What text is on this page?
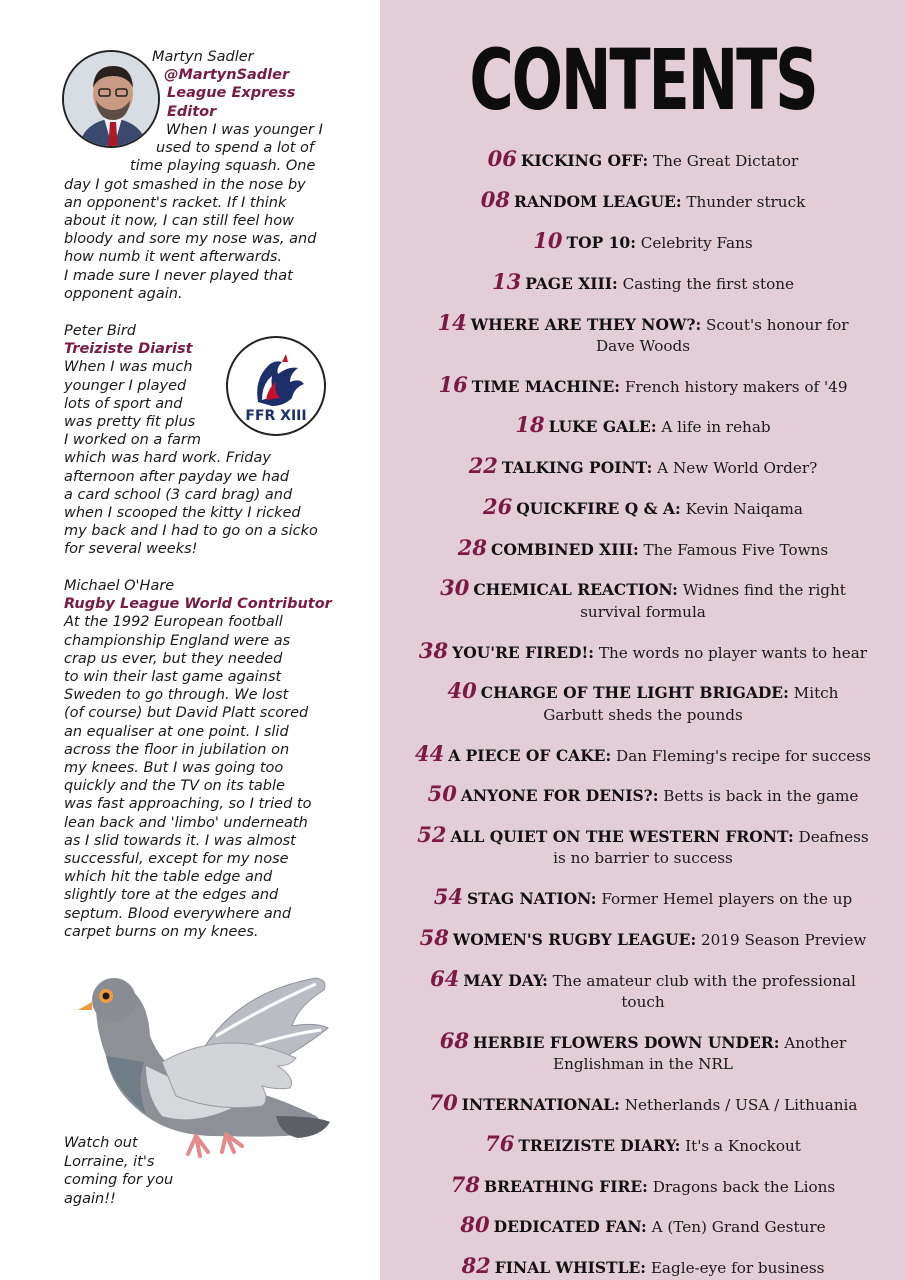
Martyn Sadler
@MartynSadler
League Express
Editor
When I was younger I
used to spend a lot of
time playing squash. One
day I got smashed in the nose by
an opponent's racket. If I think
about it now, I can still feel how
bloody and sore my nose was, and
how numb it went afterwards.
I made sure I never played that
opponent again.
FFR XIII
Peter Bird
Treiziste Diarist
When I was much
younger I played
lots of sport and
was pretty fit plus
I worked on a farm
which was hard work. Friday
afternoon after payday we had
a card school (3 card brag) and
when I scooped the kitty I ricked
my back and I had to go on a sicko
for several weeks!
Michael O'Hare
Rugby League World Contributor
At the 1992 European football
championship England were as
crap us ever, but they needed
to win their last game against
Sweden to go through. We lost
(of course) but David Platt scored
an equaliser at one point. I slid
across the floor in jubilation on
my knees. But I was going too
quickly and the TV on its table
was fast approaching, so I tried to
lean back and 'limbo' underneath
as I slid towards it. I was almost
successful, except for my nose
which hit the table edge and
slightly tore at the edges and
septum. Blood everywhere and
carpet burns on my knees.
Watch out
Lorraine, it's
coming for you
again!!
CONTENTS
06 KICKING OFF: The Great Dictator
08 RANDOM LEAGUE: Thunder struck
10 TOP 10: Celebrity Fans
13 PAGE XIII: Casting the first stone
14 WHERE ARE THEY NOW?: Scout's honour for
Dave Woods
16 TIME MACHINE: French history makers of '49
18 LUKE GALE: A life in rehab
22 TALKING POINT: A New World Order?
26 QUICKFIRE Q & A: Kevin Naiqama
28 COMBINED XIII: The Famous Five Towns
30 CHEMICAL REACTION: Widnes find the right
survival formula
38 YOU'RE FIRED!: The words no player wants to hear
40 CHARGE OF THE LIGHT BRIGADE: Mitch
Garbutt sheds the pounds
44 A PIECE OF CAKE: Dan Fleming's recipe for success
50 ANYONE FOR DENIS?: Betts is back in the game
52 ALL QUIET ON THE WESTERN FRONT: Deafness
is no barrier to success
54 STAG NATION: Former Hemel players on the up
58 WOMEN'S RUGBY LEAGUE: 2019 Season Preview
64 MAY DAY: The amateur club with the professional touch
68 HERBIE FLOWERS DOWN UNDER: Another
Englishman in the NRL
70 INTERNATIONAL: Netherlands / USA / Lithuania
76 TREIZISTE DIARY: It's a Knockout
78 BREATHING FIRE: Dragons back the Lions
80 DEDICATED FAN: A (Ten) Grand Gesture
82 FINAL WHISTLE: Eagle-eye for business
